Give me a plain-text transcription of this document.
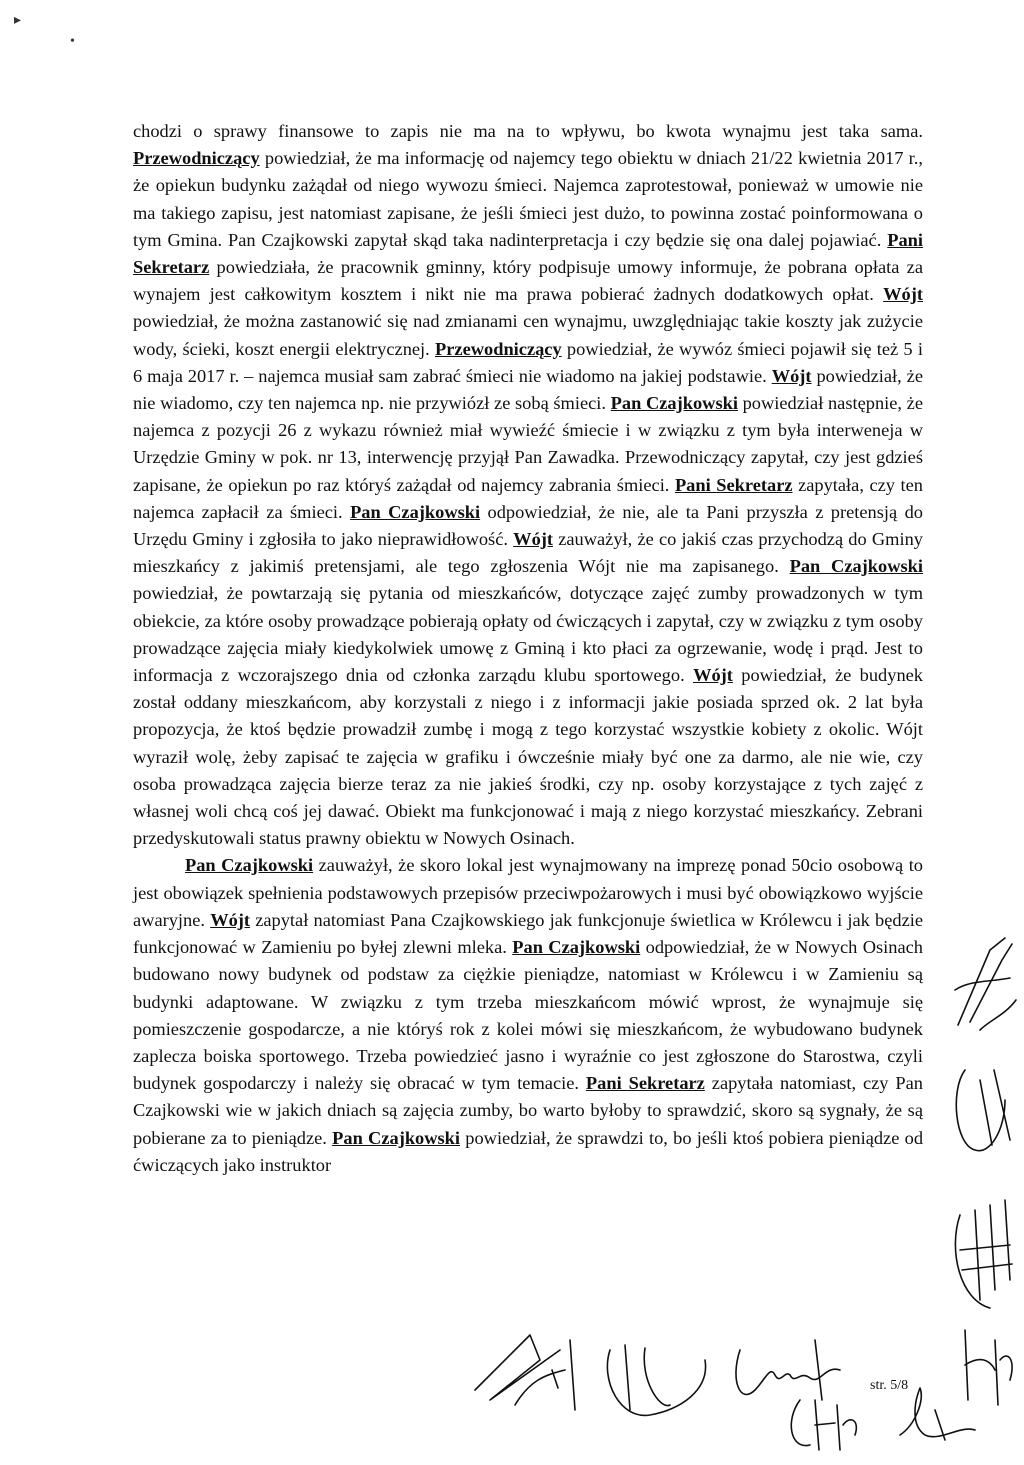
▸
•

chodzi o sprawy finansowe to zapis nie ma na to wpływu, bo kwota wynajmu jest taka sama. Przewodniczący powiedział, że ma informację od najemcy tego obiektu w dniach 21/22 kwietnia 2017 r., że opiekun budynku zażądał od niego wywozu śmieci. Najemca zaprotestował, ponieważ w umowie nie ma takiego zapisu, jest natomiast zapisane, że jeśli śmieci jest dużo, to powinna zostać poinformowana o tym Gmina. Pan Czajkowski zapytał skąd taka nadinterpretacja i czy będzie się ona dalej pojawiać. Pani Sekretarz powiedziała, że pracownik gminny, który podpisuje umowy informuje, że pobrana opłata za wynajem jest całkowitym kosztem i nikt nie ma prawa pobierać żadnych dodatkowych opłat. Wójt powiedział, że można zastanowić się nad zmianami cen wynajmu, uwzględniając takie koszty jak zużycie wody, ścieki, koszt energii elektrycznej. Przewodniczący powiedział, że wywóz śmieci pojawił się też 5 i 6 maja 2017 r. – najemca musiał sam zabrać śmieci nie wiadomo na jakiej podstawie. Wójt powiedział, że nie wiadomo, czy ten najemca np. nie przywiózł ze sobą śmieci. Pan Czajkowski powiedział następnie, że najemca z pozycji 26 z wykazu również miał wywieźć śmiecie i w związku z tym była interweneja w Urzędzie Gminy w pok. nr 13, interwencję przyjął Pan Zawadka. Przewodniczący zapytał, czy jest gdzieś zapisane, że opiekun po raz któryś zażądał od najemcy zabrania śmieci. Pani Sekretarz zapytała, czy ten najemca zapłacił za śmieci. Pan Czajkowski odpowiedział, że nie, ale ta Pani przyszła z pretensją do Urzędu Gminy i zgłosiła to jako nieprawidłowość. Wójt zauważył, że co jakiś czas przychodzą do Gminy mieszkańcy z jakimiś pretensjami, ale tego zgłoszenia Wójt nie ma zapisanego. Pan Czajkowski powiedział, że powtarzają się pytania od mieszkańców, dotyczące zajęć zumby prowadzonych w tym obiekcie, za które osoby prowadzące pobierają opłaty od ćwiczących i zapytał, czy w związku z tym osoby prowadzące zajęcia miały kiedykolwiek umowę z Gminą i kto płaci za ogrzewanie, wodę i prąd. Jest to informacja z wczorajszego dnia od członka zarządu klubu sportowego. Wójt powiedział, że budynek został oddany mieszkańcom, aby korzystali z niego i z informacji jakie posiada sprzed ok. 2 lat była propozycja, że ktoś będzie prowadził zumbę i mogą z tego korzystać wszystkie kobiety z okolic. Wójt wyraził wolę, żeby zapisać te zajęcia w grafiku i ówcześnie miały być one za darmo, ale nie wie, czy osoba prowadząca zajęcia bierze teraz za nie jakieś środki, czy np. osoby korzystające z tych zajęć z własnej woli chcą coś jej dawać. Obiekt ma funkcjonować i mają z niego korzystać mieszkańcy. Zebrani przedyskutowali status prawny obiektu w Nowych Osinach.

Pan Czajkowski zauważył, że skoro lokal jest wynajmowany na imprezę ponad 50cio osobową to jest obowiązek spełnienia podstawowych przepisów przeciwpożarowych i musi być obowiązkowo wyjście awaryjne. Wójt zapytał natomiast Pana Czajkowskiego jak funkcjonuje świetlica w Królewcu i jak będzie funkcjonować w Zamieniu po byłej zlewni mleka. Pan Czajkowski odpowiedział, że w Nowych Osinach budowano nowy budynek od podstaw za ciężkie pieniądze, natomiast w Królewcu i w Zamieniu są budynki adaptowane. W związku z tym trzeba mieszkańcom mówić wprost, że wynajmuje się pomieszczenie gospodarcze, a nie któryś rok z kolei mówi się mieszkańcom, że wybudowano budynek zaplecza boiska sportowego. Trzeba powiedzieć jasno i wyraźnie co jest zgłoszone do Starostwa, czyli budynek gospodarczy i należy się obracać w tym temacie. Pani Sekretarz zapytała natomiast, czy Pan Czajkowski wie w jakich dniach są zajęcia zumby, bo warto byłoby to sprawdzić, skoro są sygnały, że są pobierane za to pieniądze. Pan Czajkowski powiedział, że sprawdzi to, bo jeśli ktoś pobiera pieniądze od ćwiczących jako instruktor

str. 5/8
